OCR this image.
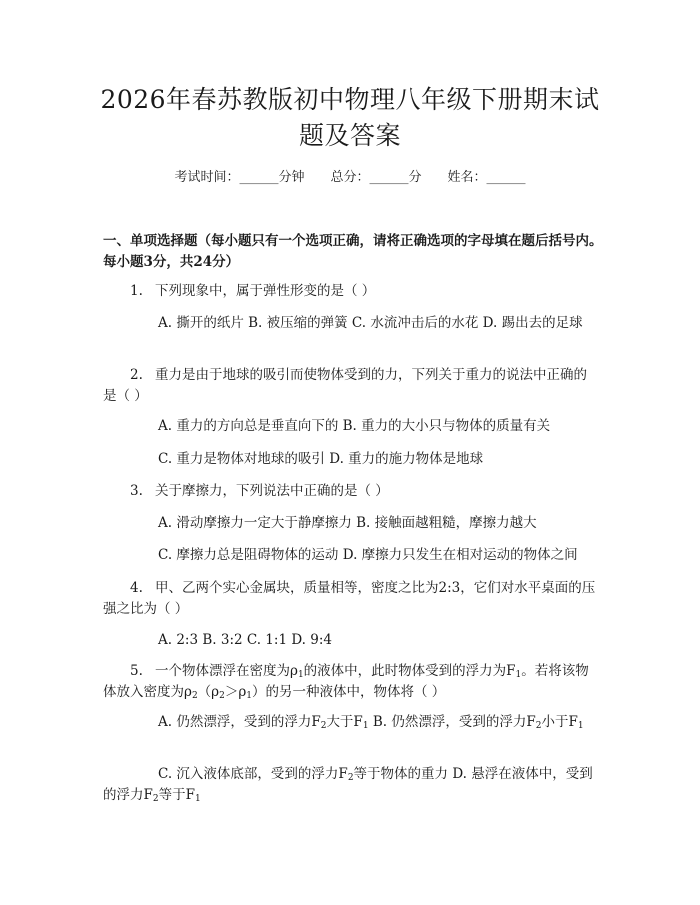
2026年春苏教版初中物理八年级下册期末试题及答案
考试时间：______分钟 总分：______分 姓名：______
一、单项选择题（每小题只有一个选项正确，请将正确选项的字母填在题后括号内。每小题3分，共24分）
1. 下列现象中，属于弹性形变的是（ ）
A. 撕开的纸片 B. 被压缩的弹簧 C. 水流冲击后的水花 D. 踢出去的足球
2. 重力是由于地球的吸引而使物体受到的力，下列关于重力的说法中正确的是（ ）
A. 重力的方向总是垂直向下的 B. 重力的大小只与物体的质量有关
C. 重力是物体对地球的吸引 D. 重力的施力物体是地球
3. 关于摩擦力，下列说法中正确的是（ ）
A. 滑动摩擦力一定大于静摩擦力 B. 接触面越粗糙，摩擦力越大
C. 摩擦力总是阻碍物体的运动 D. 摩擦力只发生在相对运动的物体之间
4. 甲、乙两个实心金属块，质量相等，密度之比为2:3，它们对水平桌面的压强之比为（ ）
A. 2:3 B. 3:2 C. 1:1 D. 9:4
5. 一个物体漂浮在密度为$\rho_1$的液体中，此时物体受到的浮力为$F_1$。若将该物体放入密度为$\rho_2(\rho_2>\rho_1)$的另一种液体中，物体将（ ）
A. 仍然漂浮，受到的浮力$F_2$大于$F_1$ B. 仍然漂浮，受到的浮力$F_2$小于$F_1$
C. 沉入液体底部，受到的浮力$F_2$等于物体的重力 D. 悬浮在液体中，受到的浮力$F_2$等于$F_1$
